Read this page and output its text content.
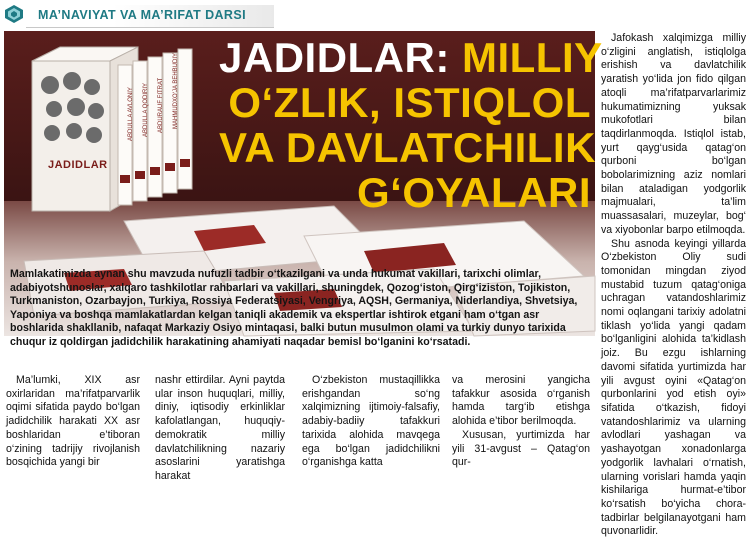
MA’NAVIYAT VA MA’RIFAT DARSI
JADIDLAR
ABDULLA AVLONIY ABDULLA QODIRIY ABDURAUF FITRAT MAHMUDXO‘JA BEHBUDIY JADIDLAR: MILLIY
O‘ZLIK, ISTIQLOL
VA DAVLATCHILIK
G‘OYALARI
Mamlakatimizda aynan shu mavzuda nufuzli tadbir o‘tkazilgani va unda hukumat vakillari, tarixchi olimlar, adabiyotshunoslar, xalqaro tashkilotlar rahbarlari va vakillari, shuningdek, Qozog‘iston, Qirg‘iziston, Tojikiston, Turkmaniston, Ozarbayjon, Turkiya, Rossiya Federatsiyasi, Vengriya, AQSH, Germaniya, Niderlandiya, Shvetsiya, Yaponiya va boshqa mamlakatlardan kelgan taniqli akademik va ekspertlar ishtirok etgani ham o‘tgan asr boshlarida shakllanib, nafaqat Markaziy Osiyo mintaqasi, balki butun musulmon olami va turkiy dunyo tarixida chuqur iz qoldirgan jadidchilik harakatining ahamiyati naqadar bemisl bo‘lganini ko‘rsatadi.

Jafokash xalqimizga milliy o‘zligini anglatish, istiqlolga erishish va davlatchilik yaratish yo‘lida jon fido qilgan atoqli ma’rifatparvarlarimiz hukumatimizning yuksak mukofotlari bilan taqdirlanmoqda. Istiqlol istab, yurt qayg‘usida qatag‘on qurboni bo‘lgan bobolarimizning aziz nomlari bilan ataladigan yodgorlik majmualari, ta’lim muassasalari, muzeylar, bog‘ va xiyobonlar barpo etilmoqda.

Shu asnoda keyingi yillarda O‘zbekiston Oliy sudi tomonidan mingdan ziyod mustabid tuzum qatag‘oniga uchragan vatandoshlarimiz nomi oqlangani tarixiy adolatni tiklash yo‘lida yangi qadam bo‘lganligini alohida ta’kidlash joiz. Bu ezgu ishlarning davomi sifatida yurtimizda har yili avgust oyini «Qatag‘on qurbonlarini yod etish oyi» sifatida o‘tkazish, fidoyi vatandoshlarimiz va ularning avlodlari yashagan va yashayotgan xonadonlarga yodgorlik lavhalari o‘rnatish, ularning vorislari hamda yaqin kishilariga hurmat-e’tibor ko‘rsatish bo‘yicha chora-tadbirlar belgilanayotgani ham quvonarlidir.

Ma’lumki, XIX asr oxirlaridan ma’rifatparvarlik oqimi sifatida paydo bo‘lgan jadidchilik harakati XX asr boshlaridan e’tiboran o‘zining tadrijiy rivojlanish bosqichida yangi bir

nashr ettirdilar. Ayni paytda ular inson huquqlari, milliy, diniy, iqtisodiy erkinliklar kafolatlangan, huquqiy-demokratik milliy davlatchilikning nazariy asoslarini yaratishga harakat

O‘zbekiston mustaqillikka erishgandan so‘ng xalqimizning ijtimoiy-falsafiy, adabiy-badiiy tafakkuri tarixida alohida mavqega ega bo‘lgan jadidchilikni o‘rganishga katta

va merosini yangicha tafakkur asosida o‘rganish hamda targ‘ib etishga alohida e’tibor berilmoqda.

Xususan, yurtimizda har yili 31-avgust – Qatag‘on qur-
